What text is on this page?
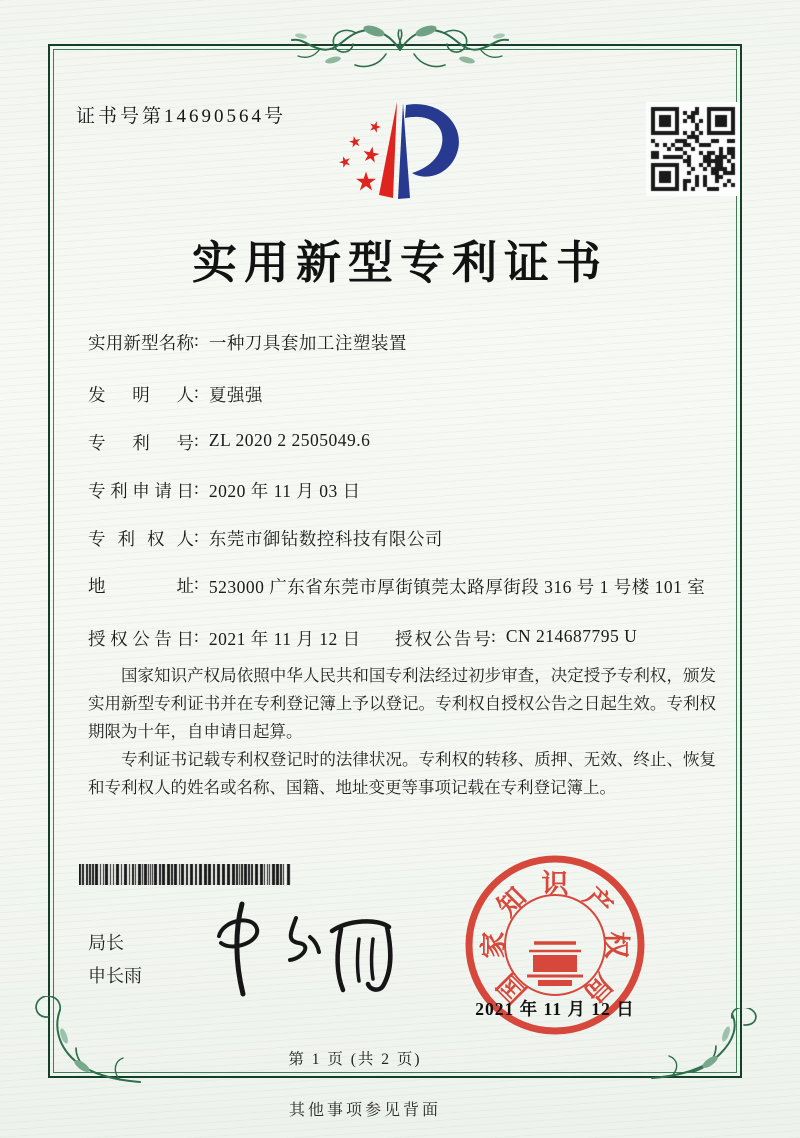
证书号第14690564号
实用新型专利证书
实用新型名称 : 一种刀具套加工注塑装置
发明人 : 夏强强
专利号 : ZL 2020 2 2505049.6
专利申请日 : 2020 年 11 月 03 日
专利权人 : 东莞市御钻数控科技有限公司
地址 : 523000 广东省东莞市厚街镇莞太路厚街段 316 号 1 号楼 101 室
授权公告日 : 2021 年 11 月 12 日 授权公告号 : CN 214687795 U

国家知识产权局依照中华人民共和国专利法经过初步审查，决定授予专利权，颁发实用新型专利证书并在专利登记簿上予以登记。专利权自授权公告之日起生效。专利权期限为十年，自申请日起算。

专利证书记载专利权登记时的法律状况。专利权的转移、质押、无效、终止、恢复和专利权人的姓名或名称、国籍、地址变更等事项记载在专利登记簿上。

局长
申长雨	国
家
知 识 产
权
局
2021 年 11 月 12 日
第 1 页 (共 2 页)
其他事项参见背面
